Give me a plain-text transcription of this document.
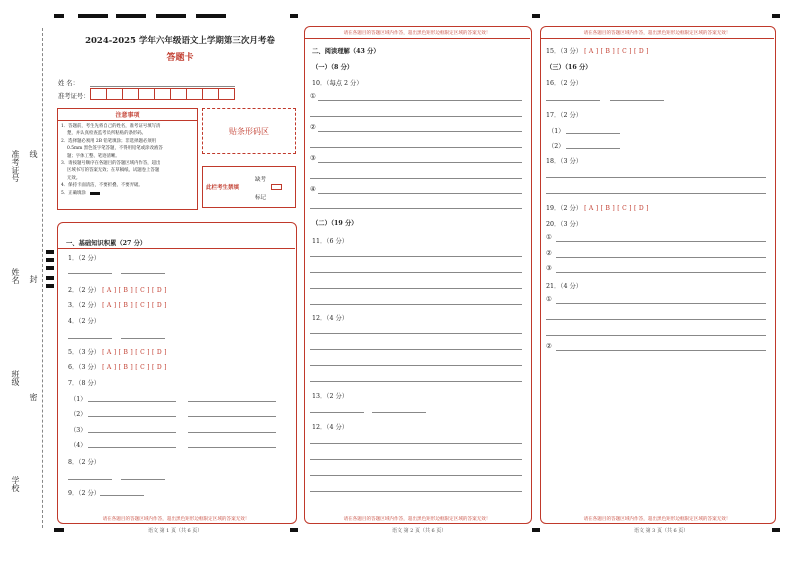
准考证号 线
姓名 封
班级
密
学校
2024-2025 学年六年级语文上学期第三次月考卷
答题卡
姓 名：
准考证号：
注意事项
1．答题前，考生先将自己的姓名，准考证号填写清
楚，并认真检查监考员所粘贴的条形码。
2．选择题必须用 2B 铅笔填涂；非选择题必须用
0.5mm 黑色签字笔答题，不得用铅笔或涂改液答
题；字体工整、笔迹清晰。
3．请按题号顺序在各题目的答题区域内作答，超出
区域书写的答案无效；在草稿纸、试题卷上答题
无效。
4．保持卡面清洁，不要折叠、不要弄破。
5．正确填涂
贴条形码区
此栏考生禁填
缺考
标记
一、基础知识积累（27 分）
1．（2 分）
2．（2 分） [ A ] [ B ] [ C ] [ D ]
3．（2 分） [ A ] [ B ] [ C ] [ D ]
4．（2 分）
5．（3 分） [ A ] [ B ] [ C ] [ D ]
6．（3 分） [ A ] [ B ] [ C ] [ D ]
7．（8 分）
（1）
（2）
（3）
（4）
8．（2 分）
9．（2 分）
请在各题目的答题区域内作答，超出黑色矩形边框限定区域的答案无效！
语文 第 1 页（共 6 页）
请在各题目的答题区域内作答，超出黑色矩形边框限定区域的答案无效！
二、阅读理解（43 分）
（一）（8 分）
10．（每点 2 分）
①
②
③
④
（二）（19 分）
11．（6 分）
12．（4 分）
13．（2 分）
12．（4 分）
请在各题目的答题区域内作答，超出黑色矩形边框限定区域的答案无效！
语文 第 2 页（共 6 页）
请在各题目的答题区域内作答，超出黑色矩形边框限定区域的答案无效！
15．（3 分） [ A ] [ B ] [ C ] [ D ]
（三）（16 分）
16．（2 分）
17．（2 分）
（1）
（2）
18．（3 分）
19．（2 分） [ A ] [ B ] [ C ] [ D ]
20．（3 分）
①
②
③
21．（4 分）
①
②
请在各题目的答题区域内作答，超出黑色矩形边框限定区域的答案无效！
语文 第 3 页（共 6 页）
